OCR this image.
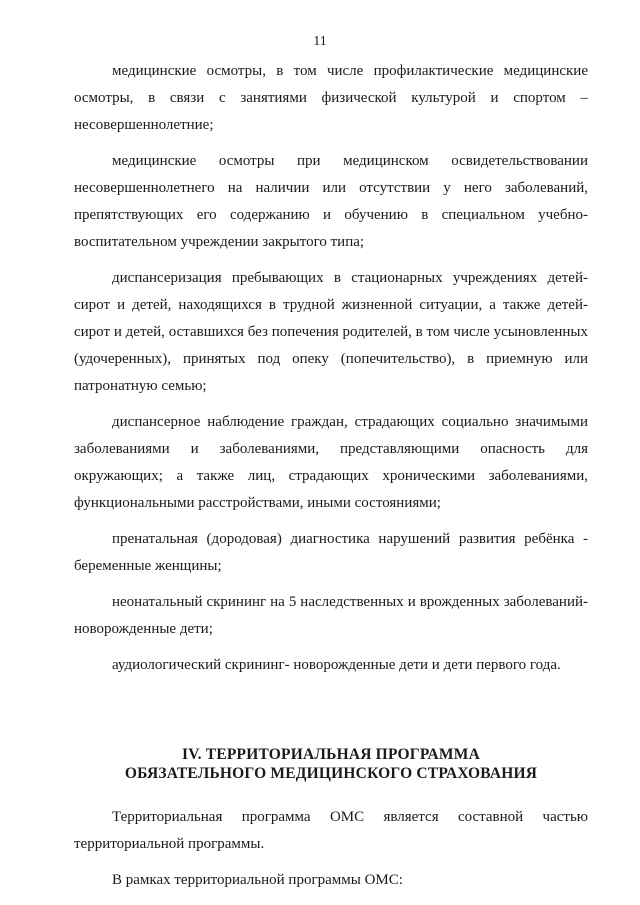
11

медицинские осмотры, в том числе профилактические медицинские осмотры, в связи с занятиями физической культурой и спортом – несовершеннолетние;

медицинские осмотры при медицинском освидетельствовании несовершеннолетнего на наличии или отсутствии у него заболеваний, препятствующих его содержанию и обучению в специальном учебно-воспитательном учреждении закрытого типа;

диспансеризация пребывающих в стационарных учреждениях детей-сирот и детей, находящихся в трудной жизненной ситуации, а также детей-сирот и детей, оставшихся без попечения родителей, в том числе усыновленных (удочеренных), принятых под опеку (попечительство), в приемную или патронатную семью;

диспансерное наблюдение граждан, страдающих социально значимыми заболеваниями и заболеваниями, представляющими опасность для окружающих; а также лиц, страдающих хроническими заболеваниями, функциональными расстройствами, иными состояниями;

пренатальная (дородовая) диагностика нарушений развития ребёнка - беременные женщины;

неонатальный скрининг на 5 наследственных и врожденных заболеваний- новорожденные дети;

аудиологический скрининг- новорожденные дети и дети первого года.

IV. ТЕРРИТОРИАЛЬНАЯ ПРОГРАММА
ОБЯЗАТЕЛЬНОГО МЕДИЦИНСКОГО СТРАХОВАНИЯ

Территориальная программа ОМС является составной частью территориальной программы.

В рамках территориальной программы ОМС:
